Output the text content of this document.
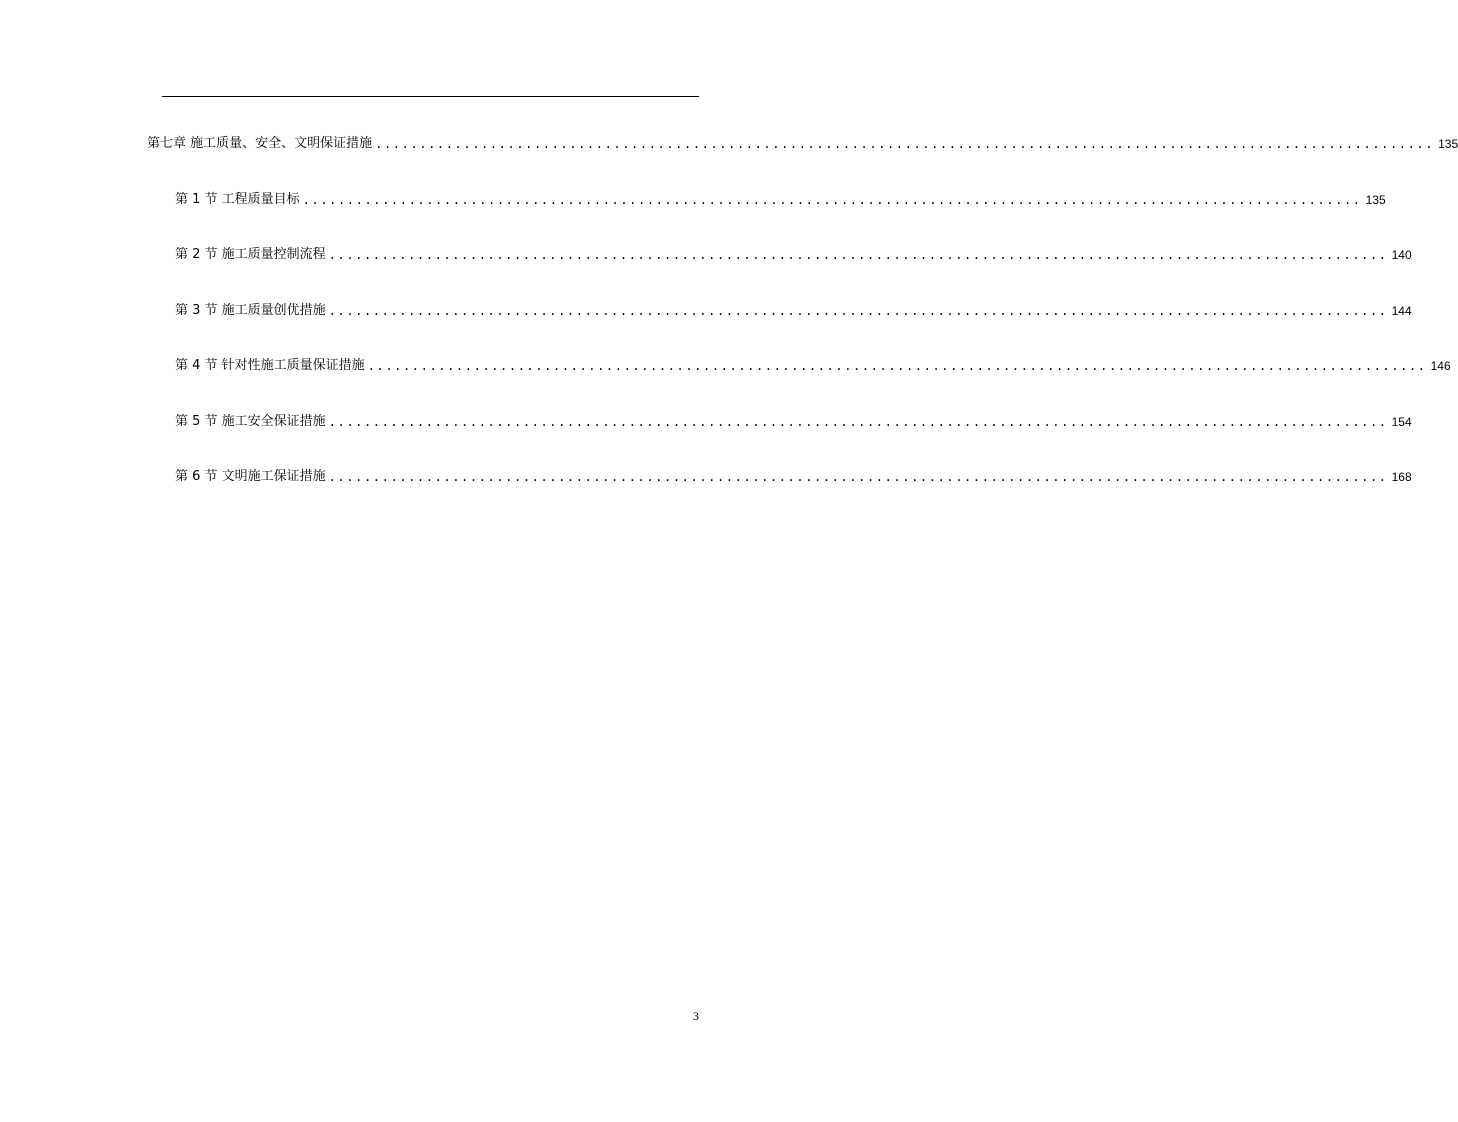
第七章 施工质量、安全、文明保证措施 ........................................................................................................................ 135
第 1 节 工程质量目标 ........................................................................................................................ 135
第 2 节 施工质量控制流程 ........................................................................................................................ 140
第 3 节 施工质量创优措施 ........................................................................................................................ 144
第 4 节 针对性施工质量保证措施 ........................................................................................................................ 146
第 5 节 施工安全保证措施 ........................................................................................................................ 154
第 6 节 文明施工保证措施 ........................................................................................................................ 168
3
